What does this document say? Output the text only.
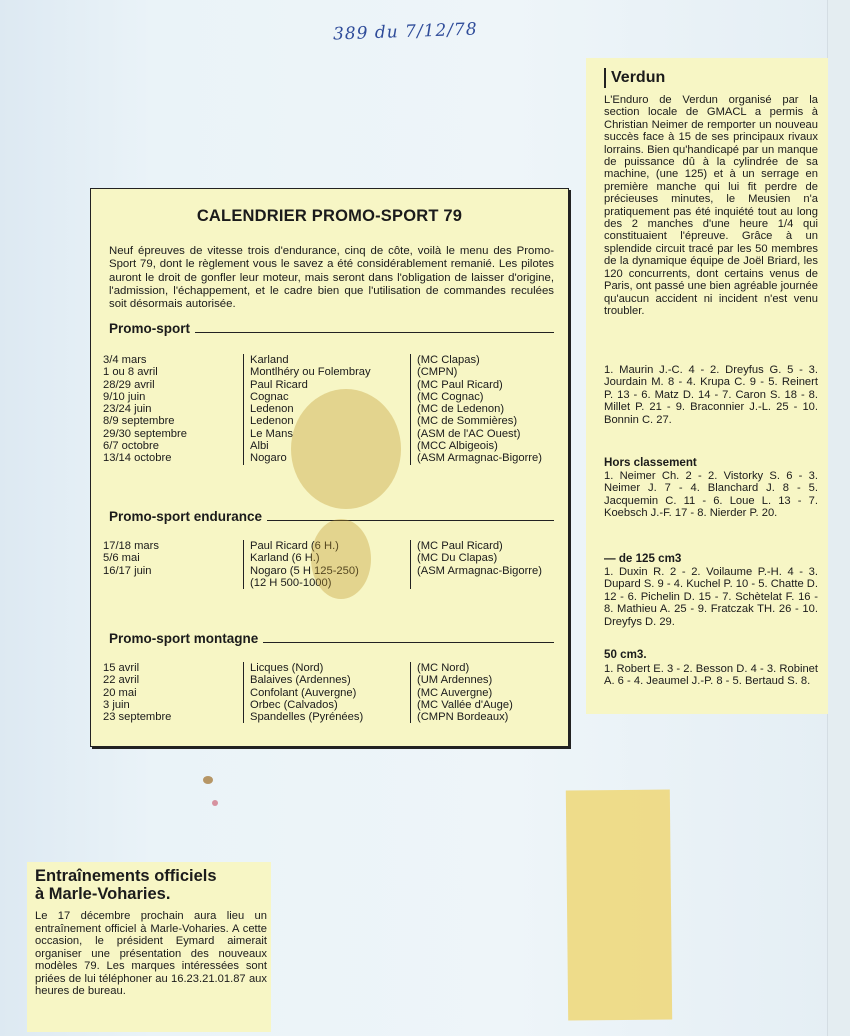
389 du 7/12/78
CALENDRIER PROMO-SPORT 79
Neuf épreuves de vitesse trois d'endurance, cinq de côte, voilà le menu des Promo-Sport 79, dont le règlement vous le savez a été considérablement remanié. Les pilotes auront le droit de gonfler leur moteur, mais seront dans l'obligation de laisser d'origine, l'admission, l'échappement, et le cadre bien que l'utilisation de commandes reculées soit désormais autorisée.
Promo-sport
3/4 mars	Karland	(MC Clapas)
1 ou 8 avril	Montlhéry ou Folembray	(CMPN)
28/29 avril	Paul Ricard	(MC Paul Ricard)
9/10 juin	Cognac	(MC Cognac)
23/24 juin	Ledenon	(MC de Ledenon)
8/9 septembre	Ledenon	(MC de Sommières)
29/30 septembre	Le Mans	(ASM de l'AC Ouest)
6/7 octobre	Albi	(MCC Albigeois)
13/14 octobre	Nogaro	(ASM Armagnac-Bigorre)
Promo-sport endurance
17/18 mars	Paul Ricard (6 H.)	(MC Paul Ricard)
5/6 mai	Karland (6 H.)	(MC Du Clapas)
16/17 juin	Nogaro (5 H 125-250)	(ASM Armagnac-Bigorre)
(12 H 500-1000)
Promo-sport montagne
15 avril	Licques (Nord)	(MC Nord)
22 avril	Balaives (Ardennes)	(UM Ardennes)
20 mai	Confolant (Auvergne)	(MC Auvergne)
3 juin	Orbec (Calvados)	(MC Vallée d'Auge)
23 septembre	Spandelles (Pyrénées)	(CMPN Bordeaux)
Verdun
L'Enduro de Verdun organisé par la section locale de GMACL a permis à Christian Neimer de remporter un nouveau succès face à 15 de ses principaux rivaux lorrains. Bien qu'handicapé par un manque de puissance dû à la cylindrée de sa machine, (une 125) et à un serrage en première manche qui lui fit perdre de précieuses minutes, le Meusien n'a pratiquement pas été inquiété tout au long des 2 manches d'une heure 1/4 qui constituaient l'épreuve. Grâce à un splendide circuit tracé par les 50 membres de la dynamique équipe de Joël Briard, les 120 concurrents, dont certains venus de Paris, ont passé une bien agréable journée qu'aucun accident ni incident n'est venu troubler.
1. Maurin J.-C. 4 - 2. Dreyfus G. 5 - 3. Jourdain M. 8 - 4. Krupa C. 9 - 5. Reinert P. 13 - 6. Matz D. 14 - 7. Caron S. 18 - 8. Millet P. 21 - 9. Braconnier J.-L. 25 - 10. Bonnin C. 27.
Hors classement
1. Neimer Ch. 2 - 2. Vistorky S. 6 - 3. Neimer J. 7 - 4. Blanchard J. 8 - 5. Jacquemin C. 11 - 6. Loue L. 13 - 7. Koebsch J.-F. 17 - 8. Nierder P. 20.
— de 125 cm3
1. Duxin R. 2 - 2. Voilaume P.-H. 4 - 3. Dupard S. 9 - 4. Kuchel P. 10 - 5. Chatte D. 12 - 6. Pichelin D. 15 - 7. Schètelat F. 16 - 8. Mathieu A. 25 - 9. Fratczak TH. 26 - 10. Dreyfys D. 29.
50 cm3.
1. Robert E. 3 - 2. Besson D. 4 - 3. Robinet A. 6 - 4. Jeaumel J.-P. 8 - 5. Bertaud S. 8.
Entraînements officiels
à Marle-Voharies.
Le 17 décembre prochain aura lieu un entraînement officiel à Marle-Voharies. A cette occasion, le président Eymard aimerait organiser une présentation des nouveaux modèles 79. Les marques intéressées sont priées de lui téléphoner au 16.23.21.01.87 aux heures de bureau.
